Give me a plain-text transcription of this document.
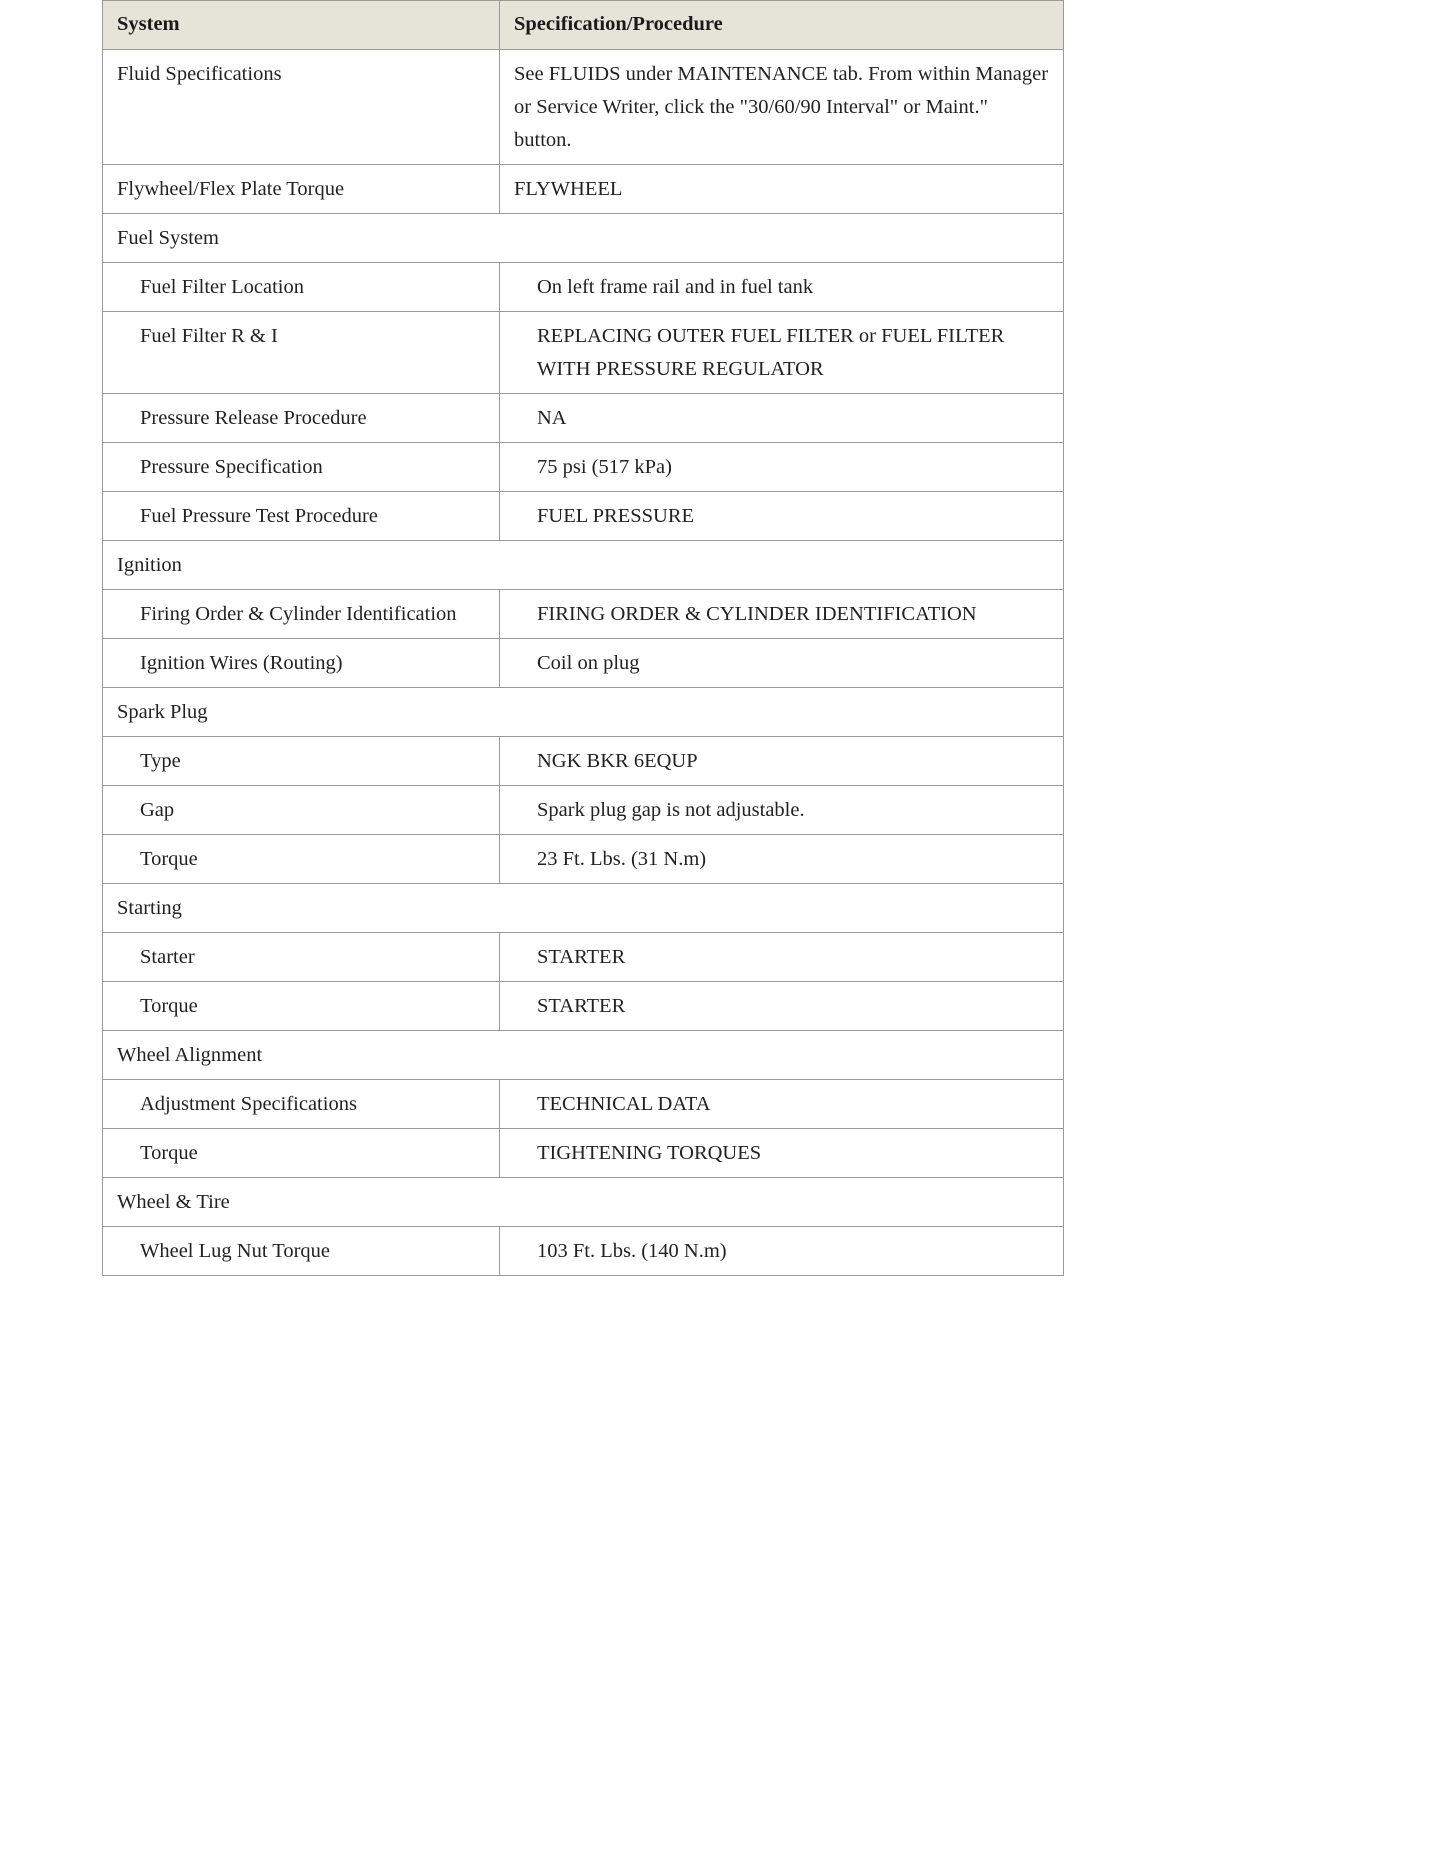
System	Specification/Procedure
Fluid Specifications	See FLUIDS under MAINTENANCE tab. From within Manager or Service Writer, click the "30/60/90 Interval" or Maint." button.
Flywheel/Flex Plate Torque	FLYWHEEL
Fuel System	
Fuel Filter Location	On left frame rail and in fuel tank
Fuel Filter R & I	REPLACING OUTER FUEL FILTER or FUEL FILTER WITH PRESSURE REGULATOR
Pressure Release Procedure	NA
Pressure Specification	75 psi (517 kPa)
Fuel Pressure Test Procedure	FUEL PRESSURE
Ignition	
Firing Order & Cylinder Identification	FIRING ORDER & CYLINDER IDENTIFICATION
Ignition Wires (Routing)	Coil on plug
Spark Plug	
Type	NGK BKR 6EQUP
Gap	Spark plug gap is not adjustable.
Torque	23 Ft. Lbs. (31 N.m)
Starting	
Starter	STARTER
Torque	STARTER
Wheel Alignment	
Adjustment Specifications	TECHNICAL DATA
Torque	TIGHTENING TORQUES
Wheel & Tire	
Wheel Lug Nut Torque	103 Ft. Lbs. (140 N.m)
